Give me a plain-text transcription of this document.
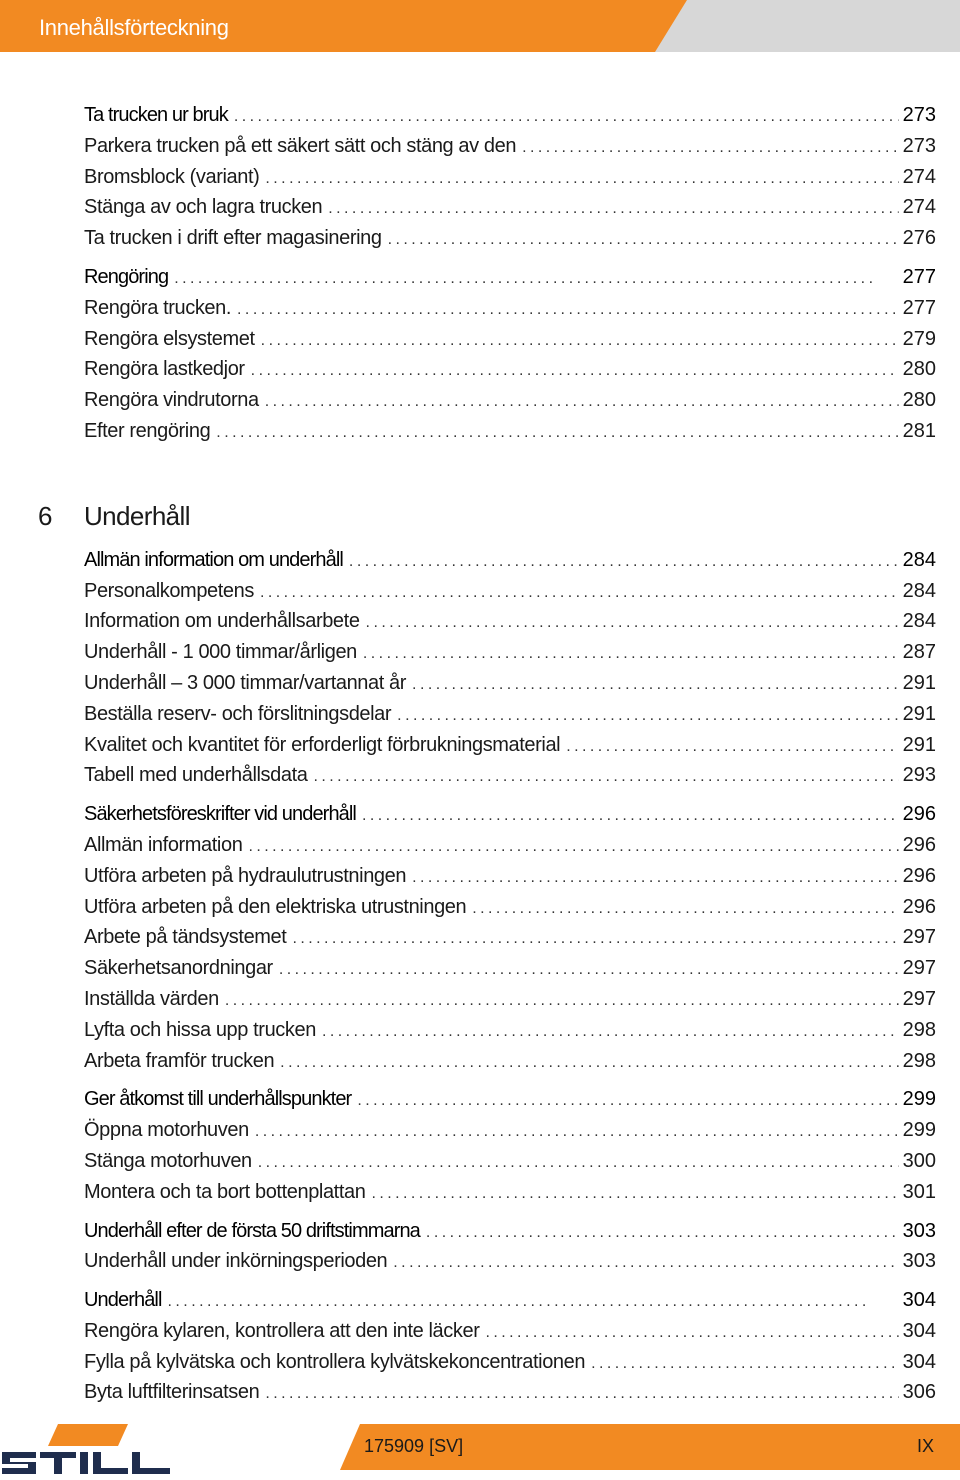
Innehållsförteckning
Ta trucken ur bruk . . .	273
Parkera trucken på ett säkert sätt och stäng av den . . .	273
Bromsblock (variant) . . .	274
Stänga av och lagra trucken . . .	274
Ta trucken i drift efter magasinering . . .	276
Rengöring . . .	277
Rengöra trucken. . . .	277
Rengöra elsystemet . . .	279
Rengöra lastkedjor . . .	280
Rengöra vindrutorna . . .	280
Efter rengöring . . .	281
6 Underhåll
Allmän information om underhåll . . .	284
Personalkompetens . . .	284
Information om underhållsarbete . . .	284
Underhåll - 1 000 timmar/årligen . . .	287
Underhåll – 3 000 timmar/vartannat år . . .	291
Beställa reserv- och förslitningsdelar . . .	291
Kvalitet och kvantitet för erforderligt förbrukningsmaterial . . .	291
Tabell med underhållsdata . . .	293
Säkerhetsföreskrifter vid underhåll . . .	296
Allmän information . . .	296
Utföra arbeten på hydraulutrustningen . . .	296
Utföra arbeten på den elektriska utrustningen . . .	296
Arbete på tändsystemet . . .	297
Säkerhetsanordningar . . .	297
Inställda värden . . .	297
Lyfta och hissa upp trucken . . .	298
Arbeta framför trucken . . .	298
Ger åtkomst till underhållspunkter . . .	299
Öppna motorhuven . . .	299
Stänga motorhuven . . .	300
Montera och ta bort bottenplattan . . .	301
Underhåll efter de första 50 driftstimmarna . . .	303
Underhåll under inkörningsperioden . . .	303
Underhåll . . .	304
Rengöra kylaren, kontrollera att den inte läcker . . .	304
Fylla på kylvätska och kontrollera kylvätskekoncentrationen . . .	304
Byta luftfilterinsatsen . . .	306
175909 [SV]	IX
